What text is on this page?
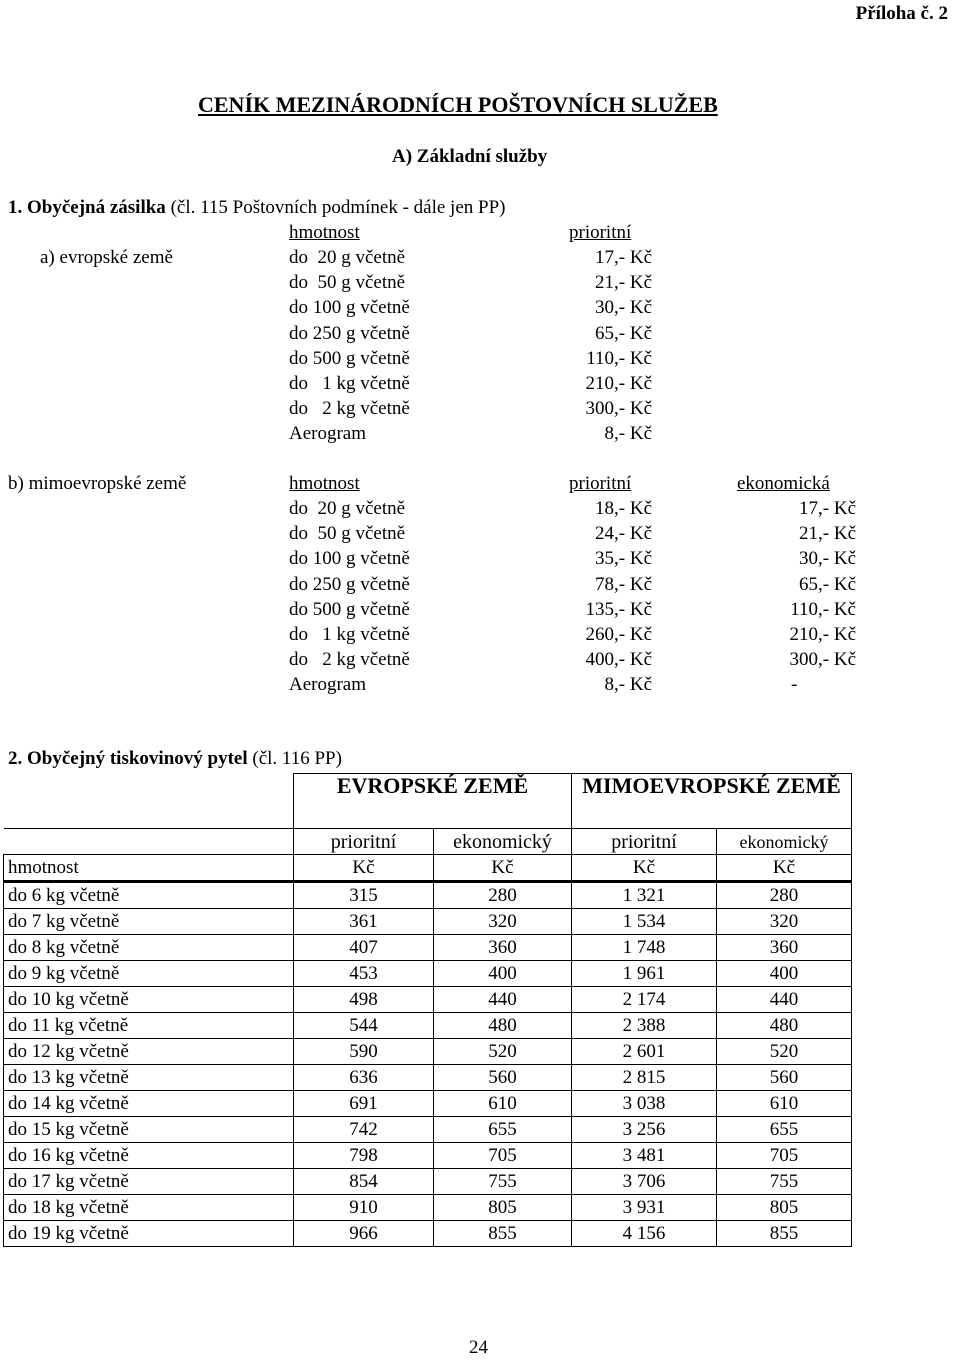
Příloha č. 2
CENÍK MEZINÁRODNÍCH POŠTOVNÍCH SLUŽEB
A) Základní služby
1. Obyčejná zásilka (čl. 115 Poštovních podmínek - dále jen PP)
a) evropské země
hmotnost	prioritní
do  20 g včetně	17,- Kč
do  50 g včetně	21,- Kč
do 100 g včetně	30,- Kč
do 250 g včetně	65,- Kč
do 500 g včetně	110,- Kč
do   1 kg včetně	210,- Kč
do   2 kg včetně	300,- Kč
Aerogram	8,- Kč
b) mimoevropské země	hmotnost	prioritní	ekonomická
do  20 g včetně	18,- Kč	17,- Kč
do  50 g včetně	24,- Kč	21,- Kč
do 100 g včetně	35,- Kč	30,- Kč
do 250 g včetně	78,- Kč	65,- Kč
do 500 g včetně	135,- Kč	110,- Kč
do   1 kg včetně	260,- Kč	210,- Kč
do   2 kg včetně	400,- Kč	300,- Kč
Aerogram	8,- Kč	-
2. Obyčejný tiskovinový pytel (čl. 116 PP)
	EVROPSKÉ ZEMĚ		MIMOEVROPSKÉ ZEMĚ	
	prioritní	ekonomický	prioritní	ekonomický
hmotnost	Kč	Kč	Kč	Kč
do 6 kg včetně	315	280	1 321	280
do 7 kg včetně	361	320	1 534	320
do 8 kg včetně	407	360	1 748	360
do 9 kg včetně	453	400	1 961	400
do 10 kg včetně	498	440	2 174	440
do 11 kg včetně	544	480	2 388	480
do 12 kg včetně	590	520	2 601	520
do 13 kg včetně	636	560	2 815	560
do 14 kg včetně	691	610	3 038	610
do 15 kg včetně	742	655	3 256	655
do 16 kg včetně	798	705	3 481	705
do 17 kg včetně	854	755	3 706	755
do 18 kg včetně	910	805	3 931	805
do 19 kg včetně	966	855	4 156	855
24
